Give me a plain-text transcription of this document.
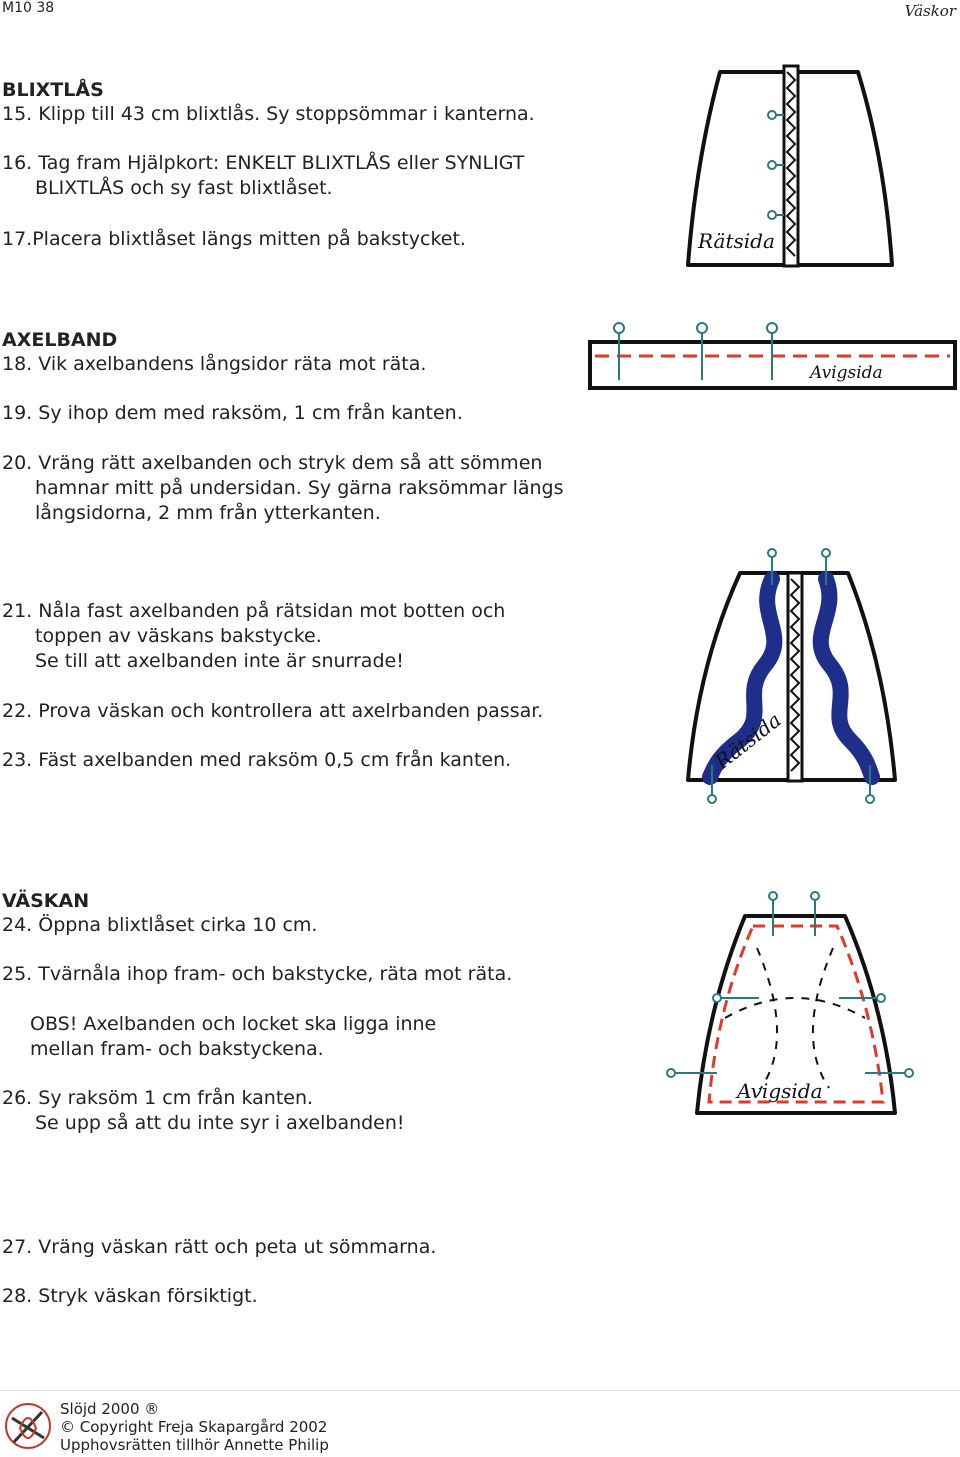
M10 38	Väskor
BLIXTLÅS
15. Klipp till 43 cm blixtlås. Sy stoppsömmar i kanterna.
16. Tag fram Hjälpkort: ENKELT BLIXTLÅS eller SYNLIGT
BLIXTLÅS och sy fast blixtlåset.
17.Placera blixtlåset längs mitten på bakstycket.
AXELBAND
18. Vik axelbandens långsidor räta mot räta.
19. Sy ihop dem med raksöm, 1 cm från kanten.
20. Vräng rätt axelbanden och stryk dem så att sömmen
hamnar mitt på undersidan. Sy gärna raksömmar längs
långsidorna, 2 mm från ytterkanten.
21. Nåla fast axelbanden på rätsidan mot botten och
toppen av väskans bakstycke.
Se till att axelbanden inte är snurrade!
22. Prova väskan och kontrollera att axelrbanden passar.
23. Fäst axelbanden med raksöm 0,5 cm från kanten.
VÄSKAN
24. Öppna blixtlåset cirka 10 cm.
25. Tvärnåla ihop fram- och bakstycke, räta mot räta.
OBS! Axelbanden och locket ska ligga inne
mellan fram- och bakstyckena.
26. Sy raksöm 1 cm från kanten.
Se upp så att du inte syr i axelbanden!
27. Vräng väskan rätt och peta ut sömmarna.
28. Stryk väskan försiktigt.
Rätsida
Avigsida
Rätsida
Avigsida
Slöjd 2000 ®
© Copyright Freja Skapargård 2002
Upphovsrätten tillhör Annette Philip
